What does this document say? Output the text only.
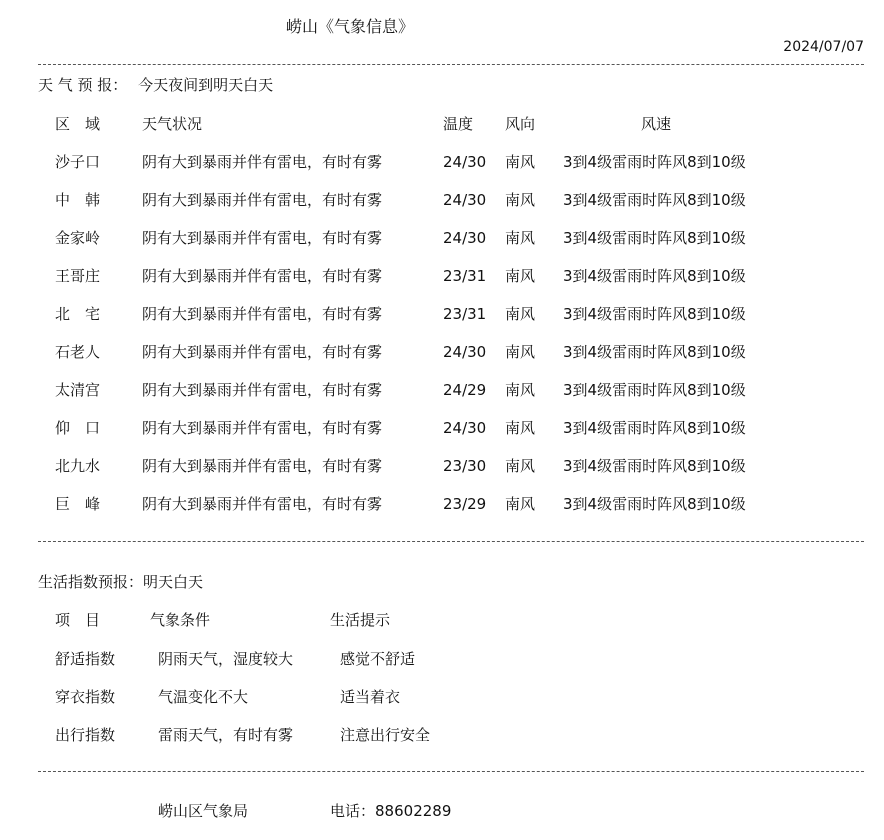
崂山《气象信息》
2024/07/07
天 气 预 报： 今天夜间到明天白天
区　域	天气状况	温度 风向	风速
沙子口	阴有大到暴雨并伴有雷电，有时有雾	24/30 南风 3到4级雷雨时阵风8到10级
中　韩	阴有大到暴雨并伴有雷电，有时有雾	24/30 南风 3到4级雷雨时阵风8到10级
金家岭	阴有大到暴雨并伴有雷电，有时有雾	24/30 南风 3到4级雷雨时阵风8到10级
王哥庄	阴有大到暴雨并伴有雷电，有时有雾	23/31 南风 3到4级雷雨时阵风8到10级
北　宅	阴有大到暴雨并伴有雷电，有时有雾	23/31 南风 3到4级雷雨时阵风8到10级
石老人	阴有大到暴雨并伴有雷电，有时有雾	24/30 南风 3到4级雷雨时阵风8到10级
太清宫	阴有大到暴雨并伴有雷电，有时有雾	24/29 南风 3到4级雷雨时阵风8到10级
仰　口	阴有大到暴雨并伴有雷电，有时有雾	24/30 南风 3到4级雷雨时阵风8到10级
北九水	阴有大到暴雨并伴有雷电，有时有雾	23/30 南风 3到4级雷雨时阵风8到10级
巨　峰	阴有大到暴雨并伴有雷电，有时有雾	23/29 南风 3到4级雷雨时阵风8到10级
生活指数预报：明天白天
项　目	气象条件	生活提示
舒适指数	阴雨天气，湿度较大	感觉不舒适
穿衣指数	气温变化不大	适当着衣
出行指数	雷雨天气，有时有雾	注意出行安全
崂山区气象局	电话：88602289
